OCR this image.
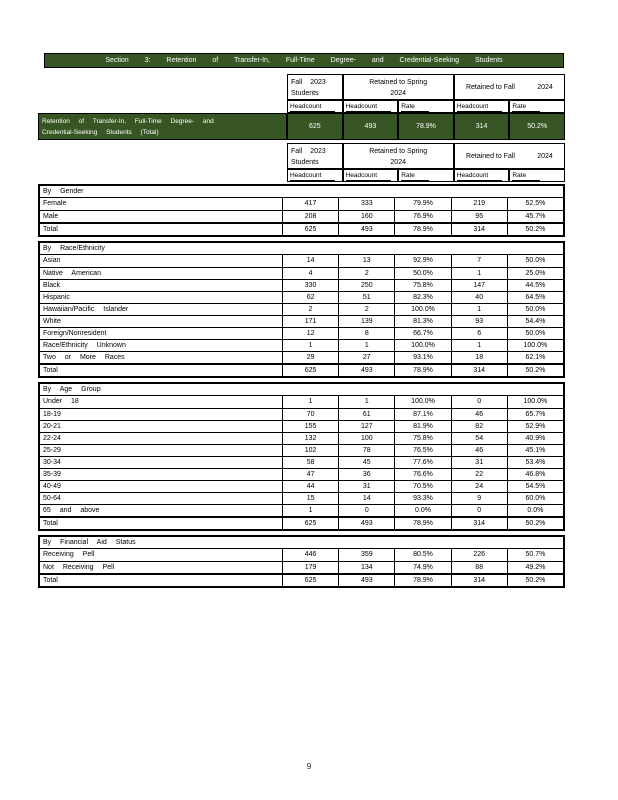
Section 3: Retention of Transfer-In, Full-Time Degree- and Credential-Seeking Students
Fall 2023
Students
Retained to Spring
2024
Retained to Fall	2024
Headcount	Headcount	Rate	Headcount	Rate
Retention of Transfer-In, Full-Time Degree- and
Credential-Seeking Students (Total)
625	493	78.9%	314	50.2%
Fall 2023
Students
Retained to Spring
2024
Retained to Fall	2024
Headcount	Headcount	Rate	Headcount	Rate
By Gender
Female	417	333	79.9%	219	52.5%
Male	208	160	76.9%	95	45.7%
Total	625	493	78.9%	314	50.2%
By Race/Ethnicity
Asian	14	13	92.9%	7	50.0%
Native American	4	2	50.0%	1	25.0%
Black	330	250	75.8%	147	44.5%
Hispanic	62	51	82.3%	40	64.5%
Hawaiian/Pacific Islander	2	2	100.0%	1	50.0%
White	171	139	81.3%	93	54.4%
Foreign/Nonresident	12	8	66.7%	6	50.0%
Race/Ethnicity Unknown	1	1	100.0%	1	100.0%
Two or More Races	29	27	93.1%	18	62.1%
Total	625	493	78.9%	314	50.2%
By Age Group
Under 18	1	1	100.0%	0	100.0%
18-19	70	61	87.1%	46	65.7%
20-21	155	127	81.9%	82	52.9%
22-24	132	100	75.8%	54	40.9%
25-29	102	78	76.5%	46	45.1%
30-34	58	45	77.6%	31	53.4%
35-39	47	36	76.6%	22	46.8%
40-49	44	31	70.5%	24	54.5%
50-64	15	14	93.3%	9	60.0%
65 and above	1	0	0.0%	0	0.0%
Total	625	493	78.9%	314	50.2%
By Financial Aid Status
Receiving Pell	446	359	80.5%	226	50.7%
Not Receiving Pell	179	134	74.9%	88	49.2%
Total	625	493	78.9%	314	50.2%
9
